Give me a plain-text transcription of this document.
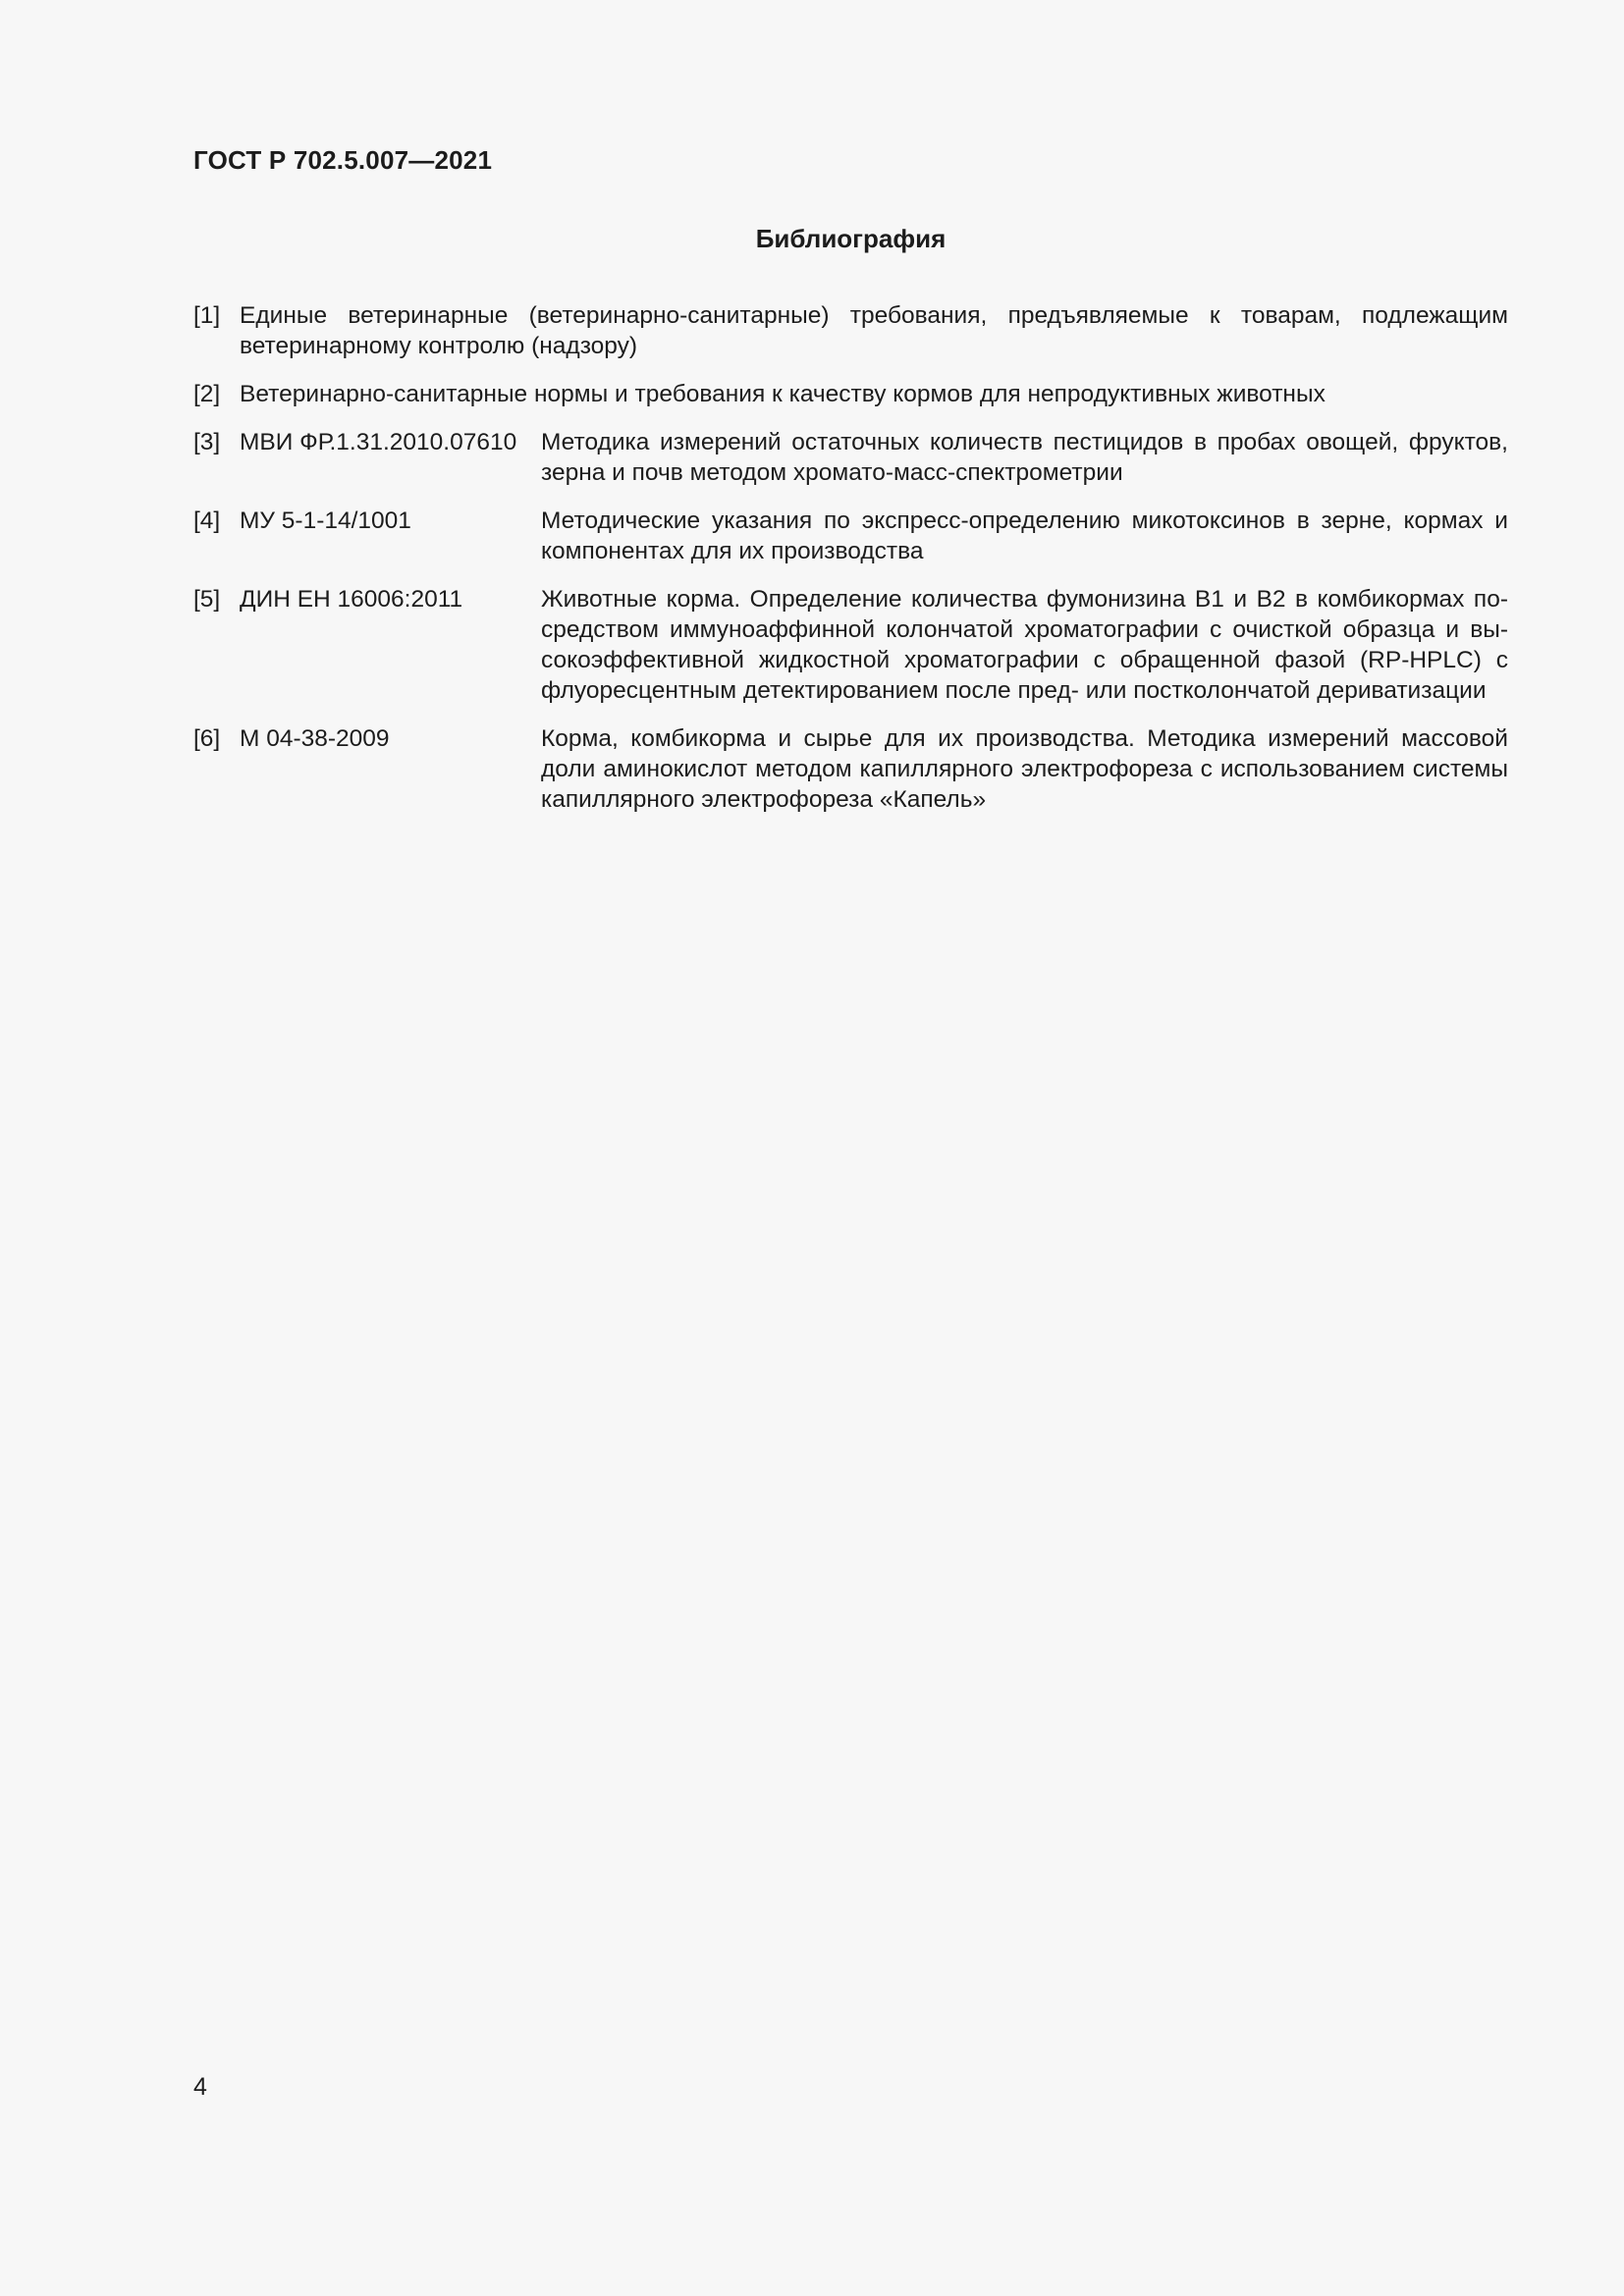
ГОСТ Р 702.5.007—2021
Библиография
[1] Единые ветеринарные (ветеринарно-санитарные) требования, предъявляемые к товарам, подлежащим ветеринарному контролю (надзору)
[2] Ветеринарно-санитарные нормы и требования к качеству кормов для непродуктивных животных
[3] МВИ ФР.1.31.2010.07610	Методика измерений остаточных количеств пестицидов в пробах овощей, фруктов, зерна и почв методом хромато-масс-спектрометрии
[4] МУ 5-1-14/1001	Методические указания по экспресс-определению микотоксинов в зерне, кормах и компонентах для их производства
[5] ДИН ЕН 16006:2011	Животные корма. Определение количества фумонизина В1 и В2 в комбикормах посредством иммуноаффинной колончатой хроматографии с очисткой образца и высокоэффективной жидкостной хроматографии с обращенной фазой (RP-HPLC) с флуоресцентным детектированием после пред- или постколончатой дериватизации
[6] М 04-38-2009	Корма, комбикорма и сырье для их производства. Методика измерений массовой доли аминокислот методом капиллярного электрофореза с использованием системы капиллярного электрофореза «Капель»
4
